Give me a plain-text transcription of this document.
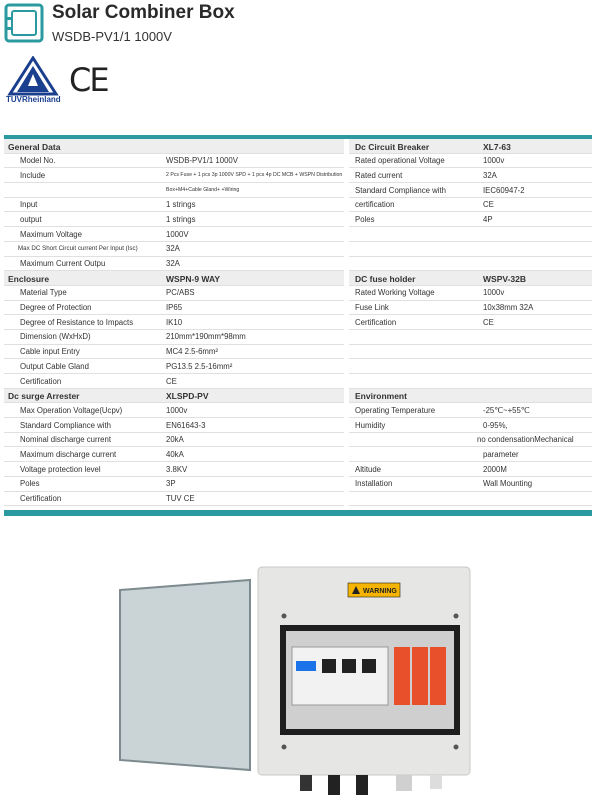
Solar Combiner Box
WSDB-PV1/1 1000V
TÜVRheinland
CE
General Data
Model No.	WSDB-PV1/1 1000V
Include	2 Pcs Fuse + 1 pcs 3p 1000V SPD + 1 pcs 4p DC MCB + WSPN Distribution
Box+M4+Cable Gland+ +Wiring
Input	1 strings
output	1 strings
Maximum Voltage	1000V
Max DC Short Circuit current Per Input (Isc)	32A
Maximum Current Outpu	32A
Enclosure	WSPN-9 WAY
Material Type	PC/ABS
Degree of Protection	IP65
Degree of Resistance to Impacts	IK10
Dimension (WxHxD)	210mm*190mm*98mm
Cable input Entry	MC4 2.5-6mm²
Output Cable Gland	PG13.5 2.5-16mm²
Certification	CE
Dc surge Arrester	XLSPD-PV
Max Operation Voltage(Ucpv)	1000v
Standard Compliance with	EN61643-3
Nominal discharge current	20kA
Maximum discharge current	40kA
Voltage protection level	3.8KV
Poles	3P
Certification	TUV CE
Dc Circuit Breaker	XL7-63
Rated operational Voltage	1000v
Rated current	32A
Standard Compliance with	IEC60947-2
certification	CE
Poles	4P
DC fuse holder	WSPV-32B
Rated Working Voltage	1000v
Fuse Link	10x38mm 32A
Certification	CE
Environment
Operating Temperature	-25℃~+55℃
Humidity	0-95%,
no condensationMechanical
parameter
Altitude	2000M
Installation	Wall Mounting
WARNING
